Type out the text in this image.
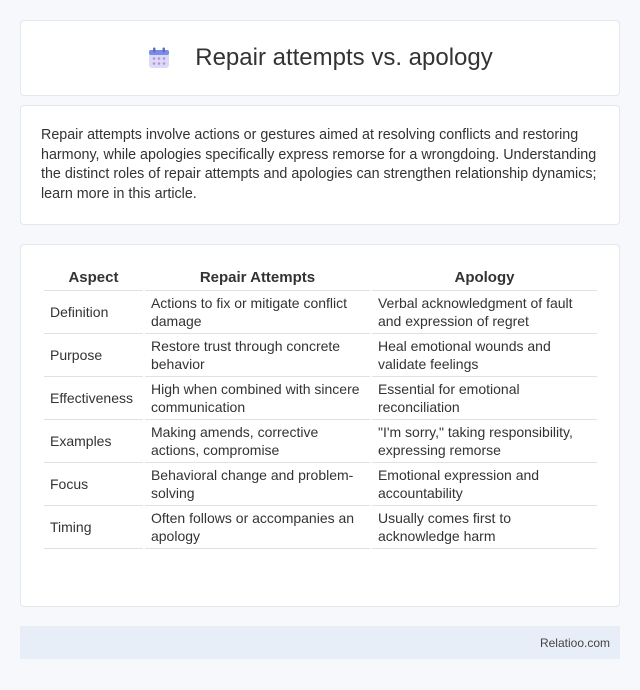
Repair attempts vs. apology

Repair attempts involve actions or gestures aimed at resolving conflicts and restoring harmony, while apologies specifically express remorse for a wrongdoing. Understanding the distinct roles of repair attempts and apologies can strengthen relationship dynamics; learn more in this article.

Aspect	Repair Attempts	Apology
Definition	Actions to fix or mitigate conflict damage	Verbal acknowledgment of fault and expression of regret
Purpose	Restore trust through concrete behavior	Heal emotional wounds and validate feelings
Effectiveness	High when combined with sincere communication	Essential for emotional reconciliation
Examples	Making amends, corrective actions, compromise	"I'm sorry," taking responsibility, expressing remorse
Focus	Behavioral change and problem-solving	Emotional expression and accountability
Timing	Often follows or accompanies an apology	Usually comes first to acknowledge harm
Relatioo.com
